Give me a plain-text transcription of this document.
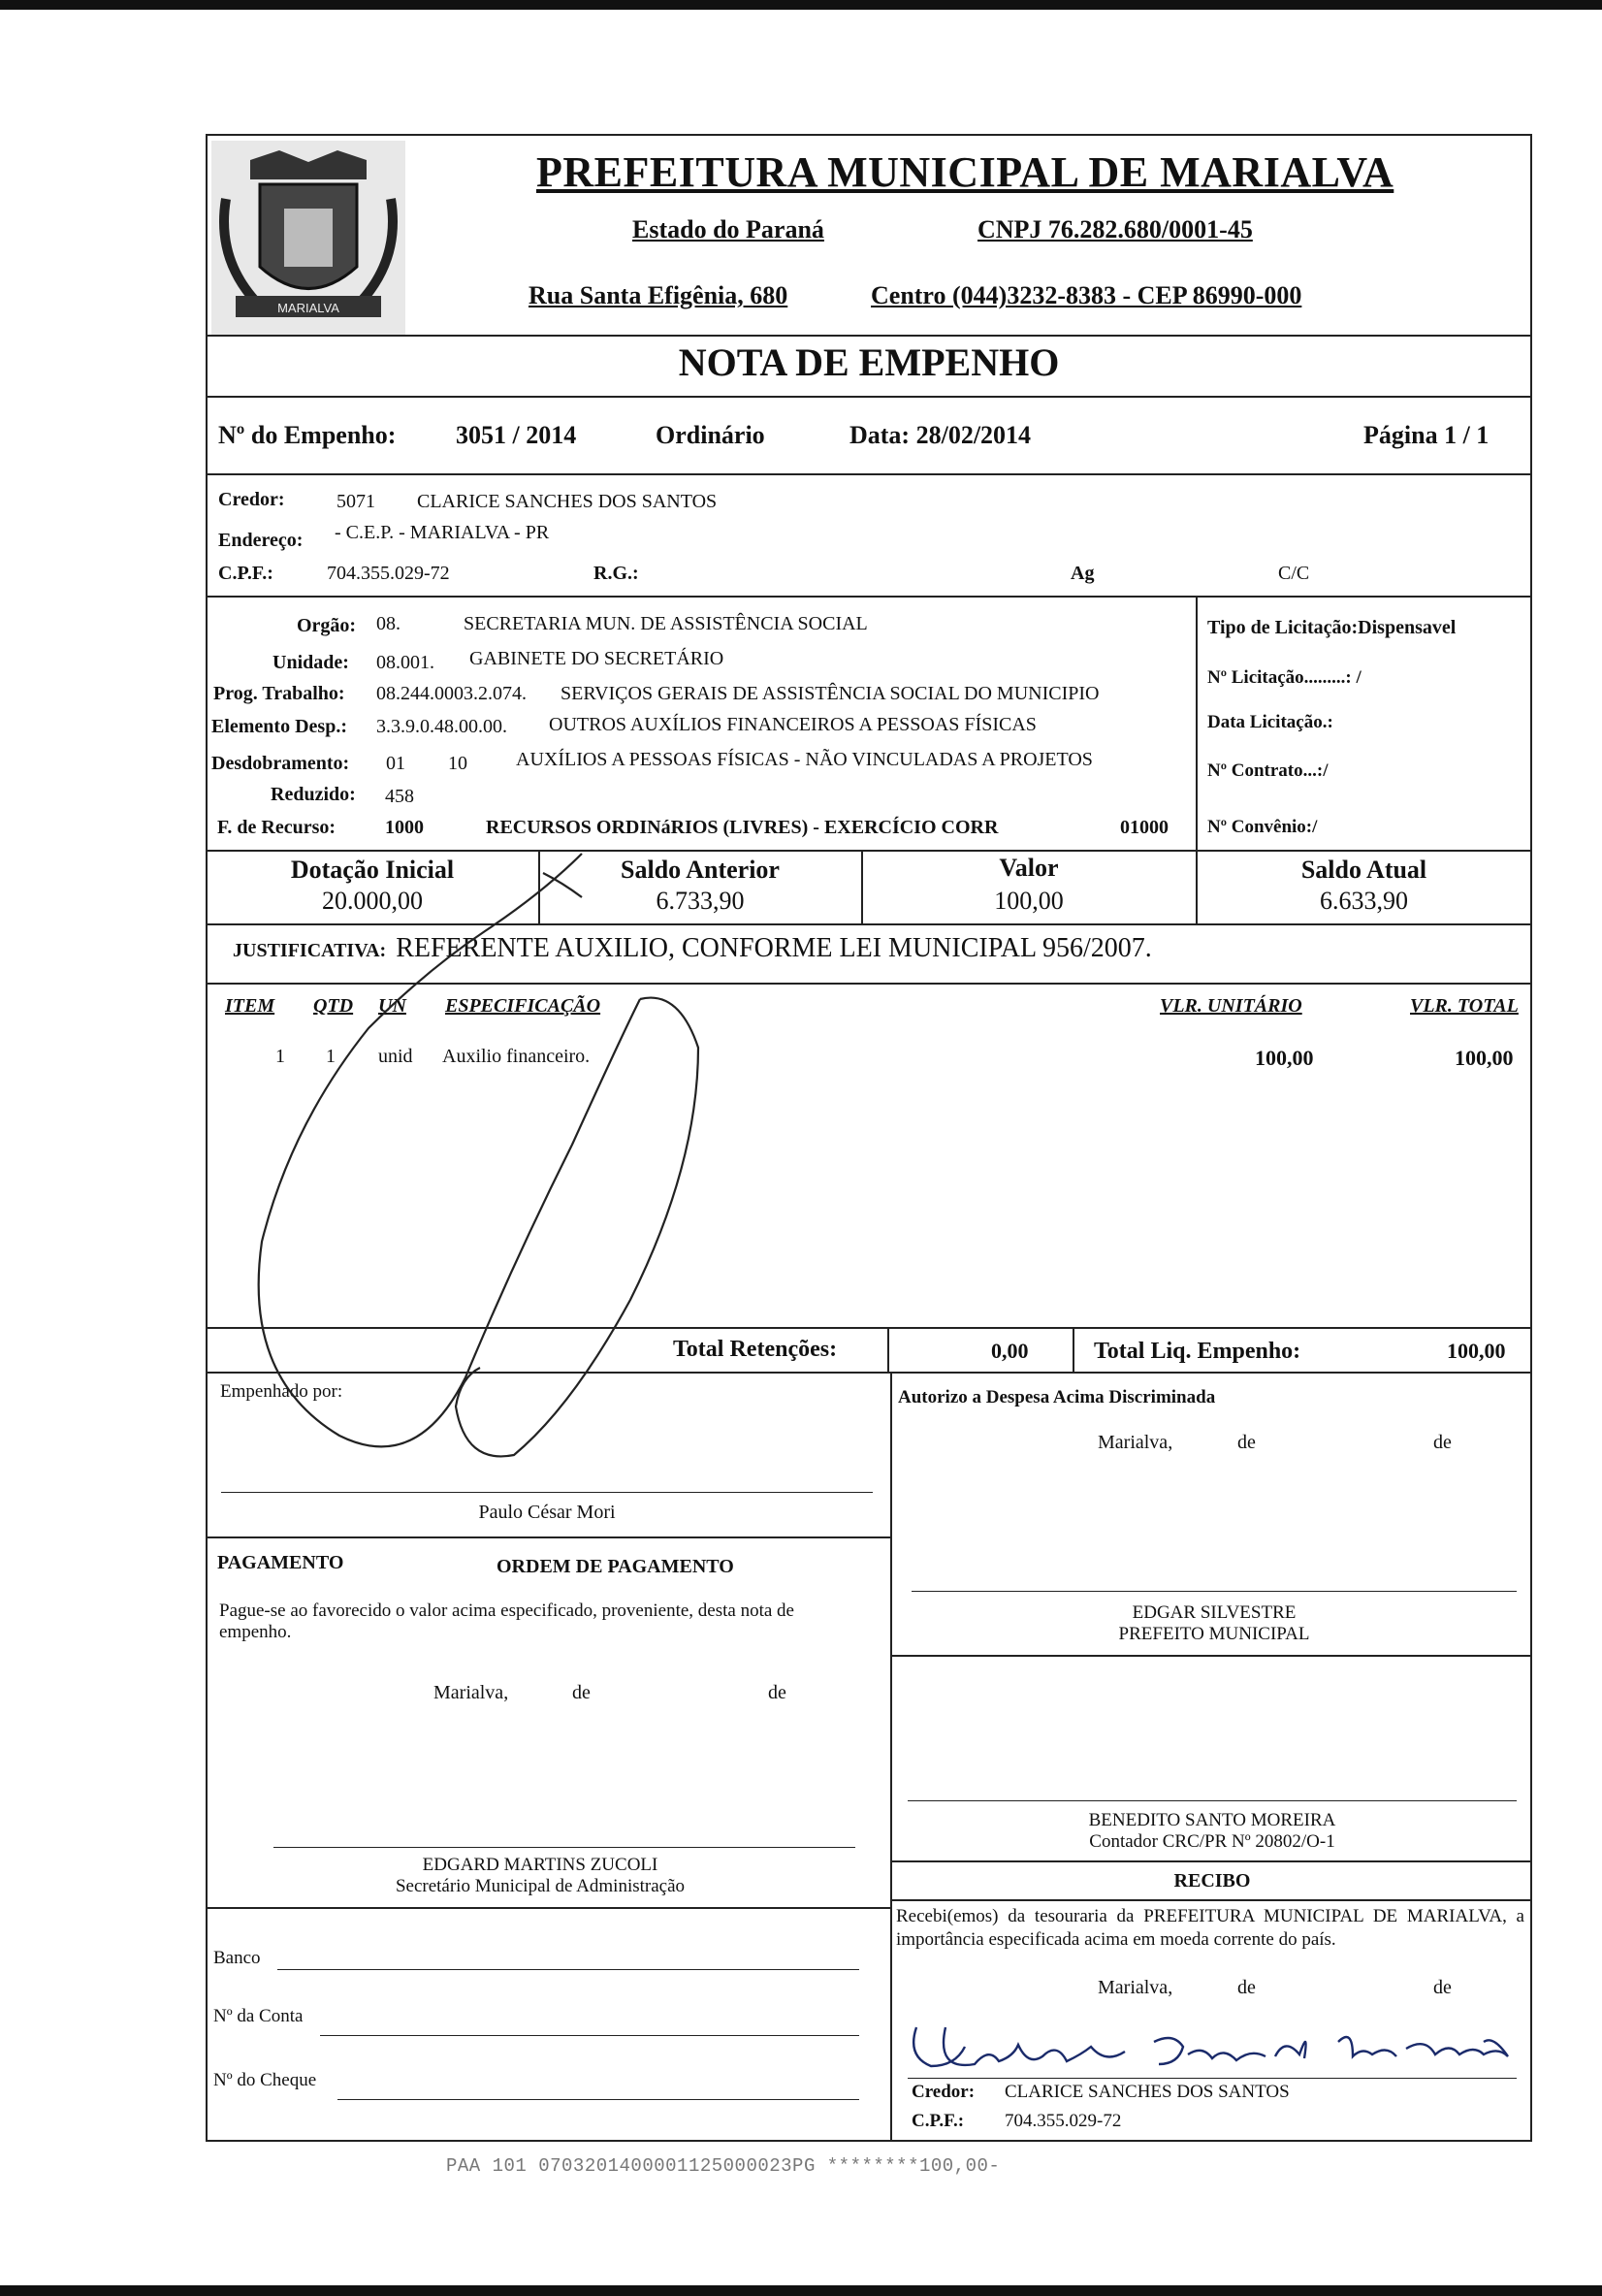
MARIALVA
PREFEITURA MUNICIPAL DE MARIALVA
Estado do Paraná	CNPJ 76.282.680/0001-45
Rua Santa Efigênia, 680	Centro (044)3232-8383 - CEP 86990-000
NOTA DE EMPENHO
Nº do Empenho: 3051 / 2014	Ordinário	Data: 28/02/2014	Página 1 / 1
Credor:	5071 CLARICE SANCHES DOS SANTOS
Endereço: - C.E.P. - MARIALVA - PR
C.P.F.:	704.355.029-72	R.G.:	Ag	C/C
Orgão: 08.	SECRETARIA MUN. DE ASSISTÊNCIA SOCIAL
Unidade: 08.001. GABINETE DO SECRETÁRIO
Prog. Trabalho: 08.244.0003.2.074. SERVIÇOS GERAIS DE ASSISTÊNCIA SOCIAL DO MUNICIPIO
Elemento Desp.: 3.3.9.0.48.00.00. OUTROS AUXÍLIOS FINANCEIROS A PESSOAS FÍSICAS
Desdobramento: 01 10	AUXÍLIOS A PESSOAS FÍSICAS - NÃO VINCULADAS A PROJETOS
Reduzido: 458
F. de Recurso:	1000	RECURSOS ORDINáRIOS (LIVRES) - EXERCÍCIO CORR	01000
Tipo de Licitação:Dispensavel
Nº Licitação.........: /
Data Licitação.:
Nº Contrato...:/
Nº Convênio:/
Dotação Inicial
20.000,00
Saldo Anterior
6.733,90
Valor
100,00
Saldo Atual
6.633,90
JUSTIFICATIVA: REFERENTE AUXILIO, CONFORME LEI MUNICIPAL 956/2007.
ITEM QTD UN ESPECIFICAÇÃO	VLR. UNITÁRIO	VLR. TOTAL
1 1 unid Auxilio financeiro.	100,00	100,00
Total Retenções:	0,00	Total Liq. Empenho:	100,00
Empenhado por:
Paulo César Mori
Autorizo a Despesa Acima Discriminada
Marialva,	de	de
EDGAR SILVESTRE
PREFEITO MUNICIPAL
PAGAMENTO	ORDEM DE PAGAMENTO
Pague-se ao favorecido o valor acima especificado, proveniente, desta nota de empenho.
Marialva,	de	de
EDGARD MARTINS ZUCOLI
Secretário Municipal de Administração
BENEDITO SANTO MOREIRA
Contador CRC/PR Nº 20802/O-1
Banco
Nº da Conta
Nº do Cheque
RECIBO
Recebi(emos) da tesouraria da PREFEITURA MUNICIPAL DE MARIALVA, a importância especificada acima em moeda corrente do país.
Marialva,	de	de
Credor: CLARICE SANCHES DOS SANTOS
C.P.F.: 704.355.029-72
PAA 101 0703201400001125000023PG ********100,00-
